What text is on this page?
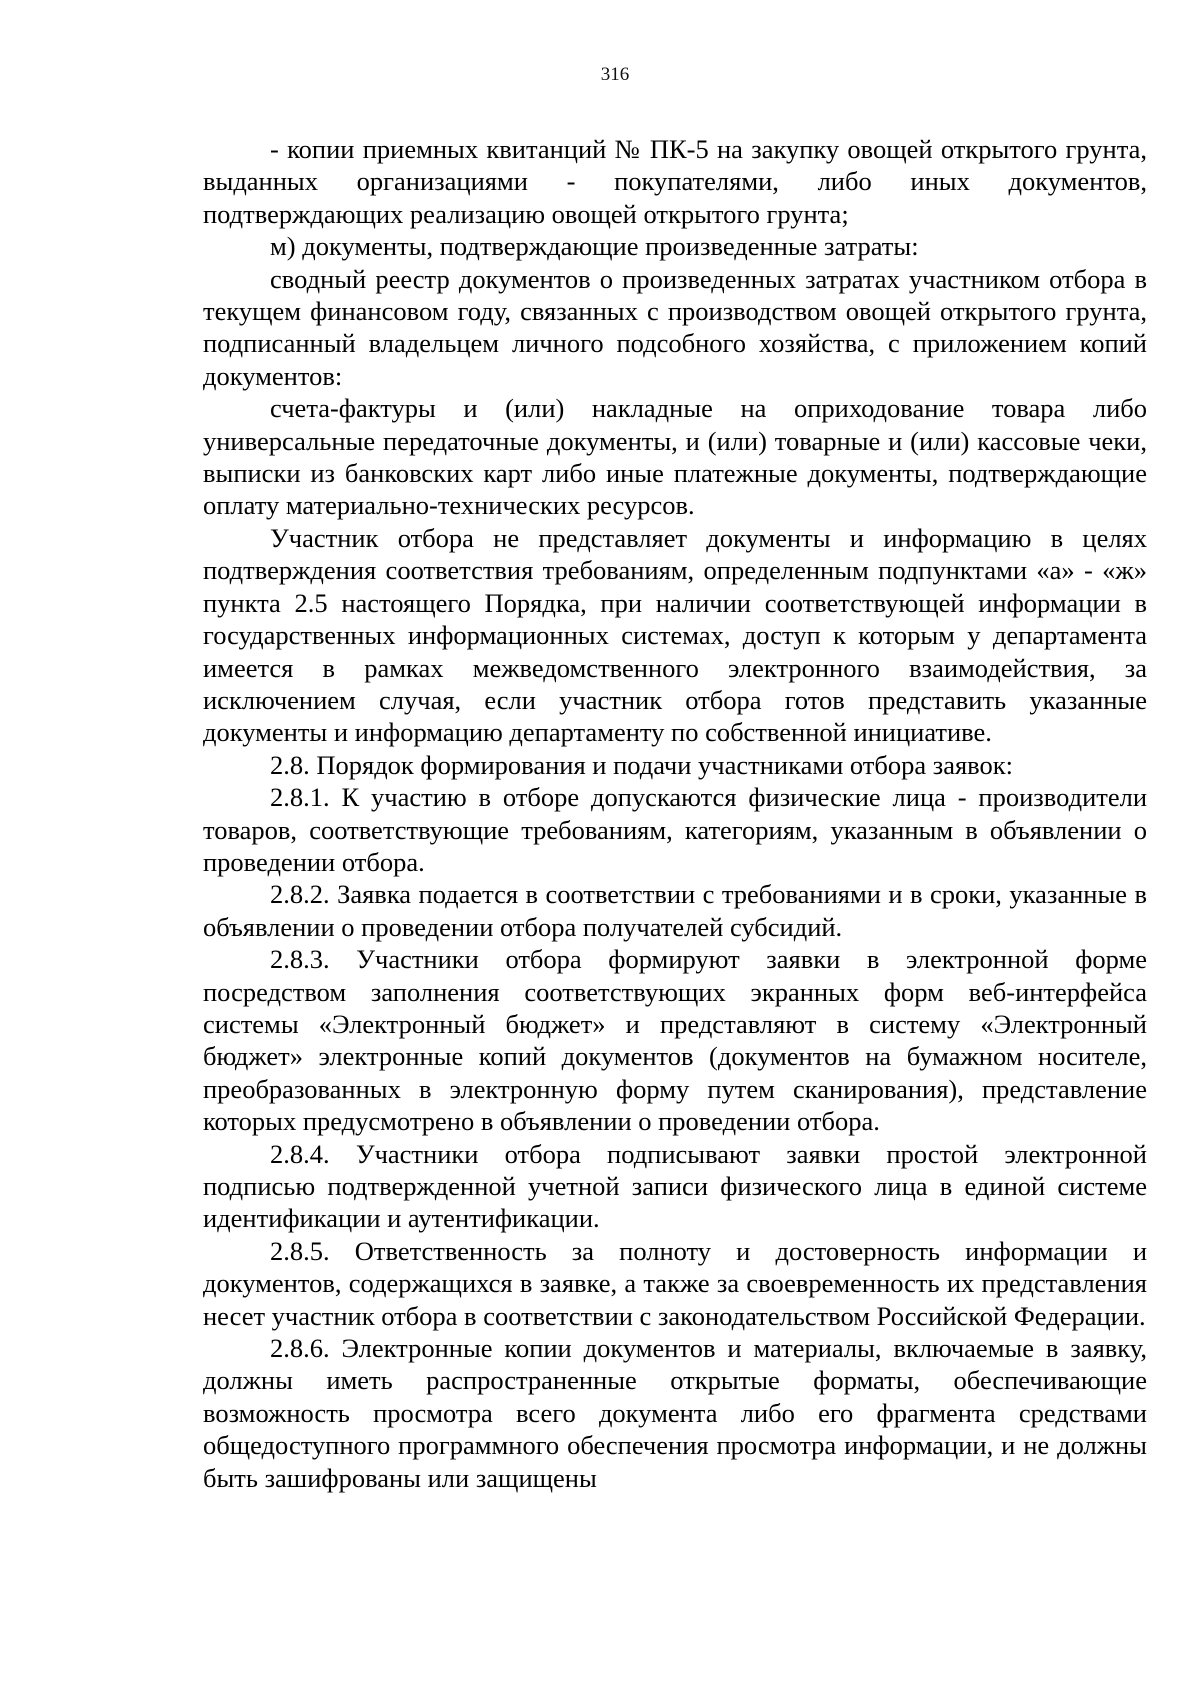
316

- копии приемных квитанций № ПК-5 на закупку овощей открытого грунта, выданных организациями - покупателями, либо иных документов, подтверждающих реализацию овощей открытого грунта;

м) документы, подтверждающие произведенные затраты:

сводный реестр документов о произведенных затратах участником отбора в текущем финансовом году, связанных с производством овощей открытого грунта, подписанный владельцем личного подсобного хозяйства, с приложением копий документов:

счета-фактуры и (или) накладные на оприходование товара либо универсальные передаточные документы, и (или) товарные и (или) кассовые чеки, выписки из банковских карт либо иные платежные документы, подтверждающие оплату материально-технических ресурсов.

Участник отбора не представляет документы и информацию в целях подтверждения соответствия требованиям, определенным подпунктами «а» - «ж» пункта 2.5 настоящего Порядка, при наличии соответствующей информации в государственных информационных системах, доступ к которым у департамента имеется в рамках межведомственного электронного взаимодействия, за исключением случая, если участник отбора готов представить указанные документы и информацию департаменту по собственной инициативе.

2.8. Порядок формирования и подачи участниками отбора заявок:

2.8.1. К участию в отборе допускаются физические лица - производители товаров, соответствующие требованиям, категориям, указанным в объявлении о проведении отбора.

2.8.2. Заявка подается в соответствии с требованиями и в сроки, указанные в объявлении о проведении отбора получателей субсидий.

2.8.3. Участники отбора формируют заявки в электронной форме посредством заполнения соответствующих экранных форм веб-интерфейса системы «Электронный бюджет» и представляют в систему «Электронный бюджет» электронные копий документов (документов на бумажном носителе, преобразованных в электронную форму путем сканирования), представление которых предусмотрено в объявлении о проведении отбора.

2.8.4. Участники отбора подписывают заявки простой электронной подписью подтвержденной учетной записи физического лица в единой системе идентификации и аутентификации.

2.8.5. Ответственность за полноту и достоверность информации и документов, содержащихся в заявке, а также за своевременность их представления несет участник отбора в соответствии с законодательством Российской Федерации.

2.8.6. Электронные копии документов и материалы, включаемые в заявку, должны иметь распространенные открытые форматы, обеспечивающие возможность просмотра всего документа либо его фрагмента средствами общедоступного программного обеспечения просмотра информации, и не должны быть зашифрованы или защищены
